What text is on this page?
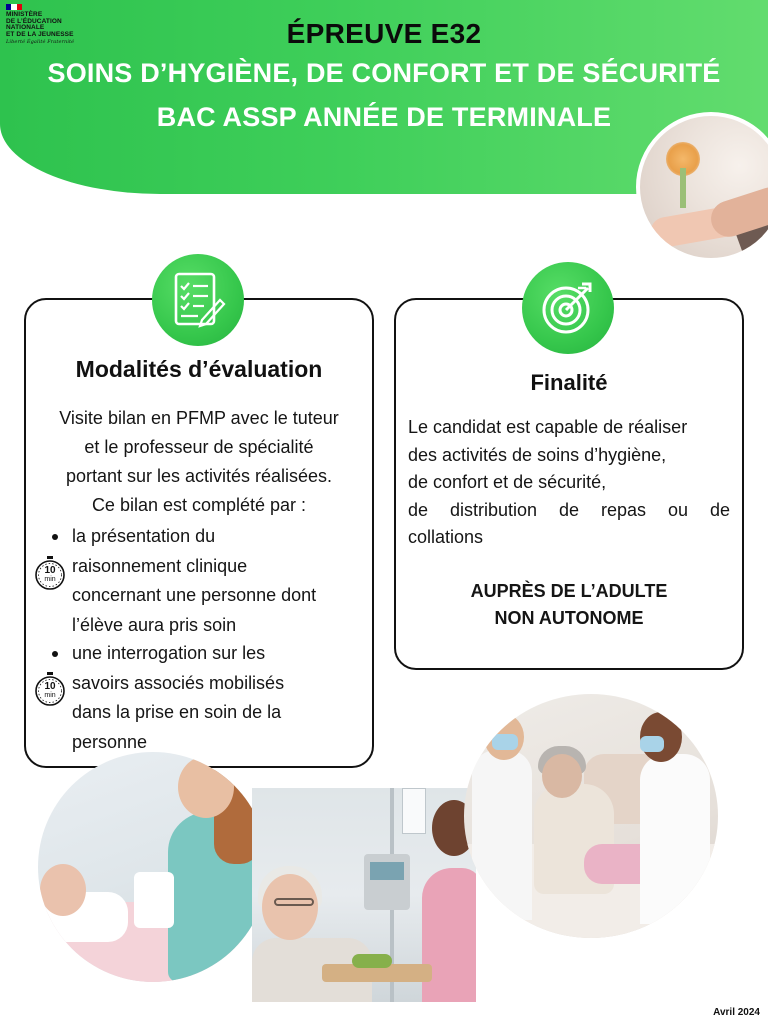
MINISTÈRE
DE L’ÉDUCATION
NATIONALE
ET DE LA JEUNESSE
Liberté Égalité Fraternité	ÉPREUVE E32
SOINS D’HYGIÈNE, DE CONFORT ET DE SÉCURITÉ
BAC ASSP ANNÉE DE TERMINALE
Modalités d’évaluation
Visite bilan en PFMP avec le tuteur
et le professeur de spécialité
portant sur les activités réalisées.
Ce bilan est complété par :
la présentation du
raisonnement clinique
concernant une personne dont
l’élève aura pris soin
une interrogation sur les
savoirs associés mobilisés
dans la prise en soin de la
personne
10
min
10
min
Finalité
Le candidat est capable de réaliser
des activités de soins d’hygiène,
de confort et de sécurité,
de distribution de repas ou de
collations
AUPRÈS DE L’ADULTE
NON AUTONOME
Avril 2024
